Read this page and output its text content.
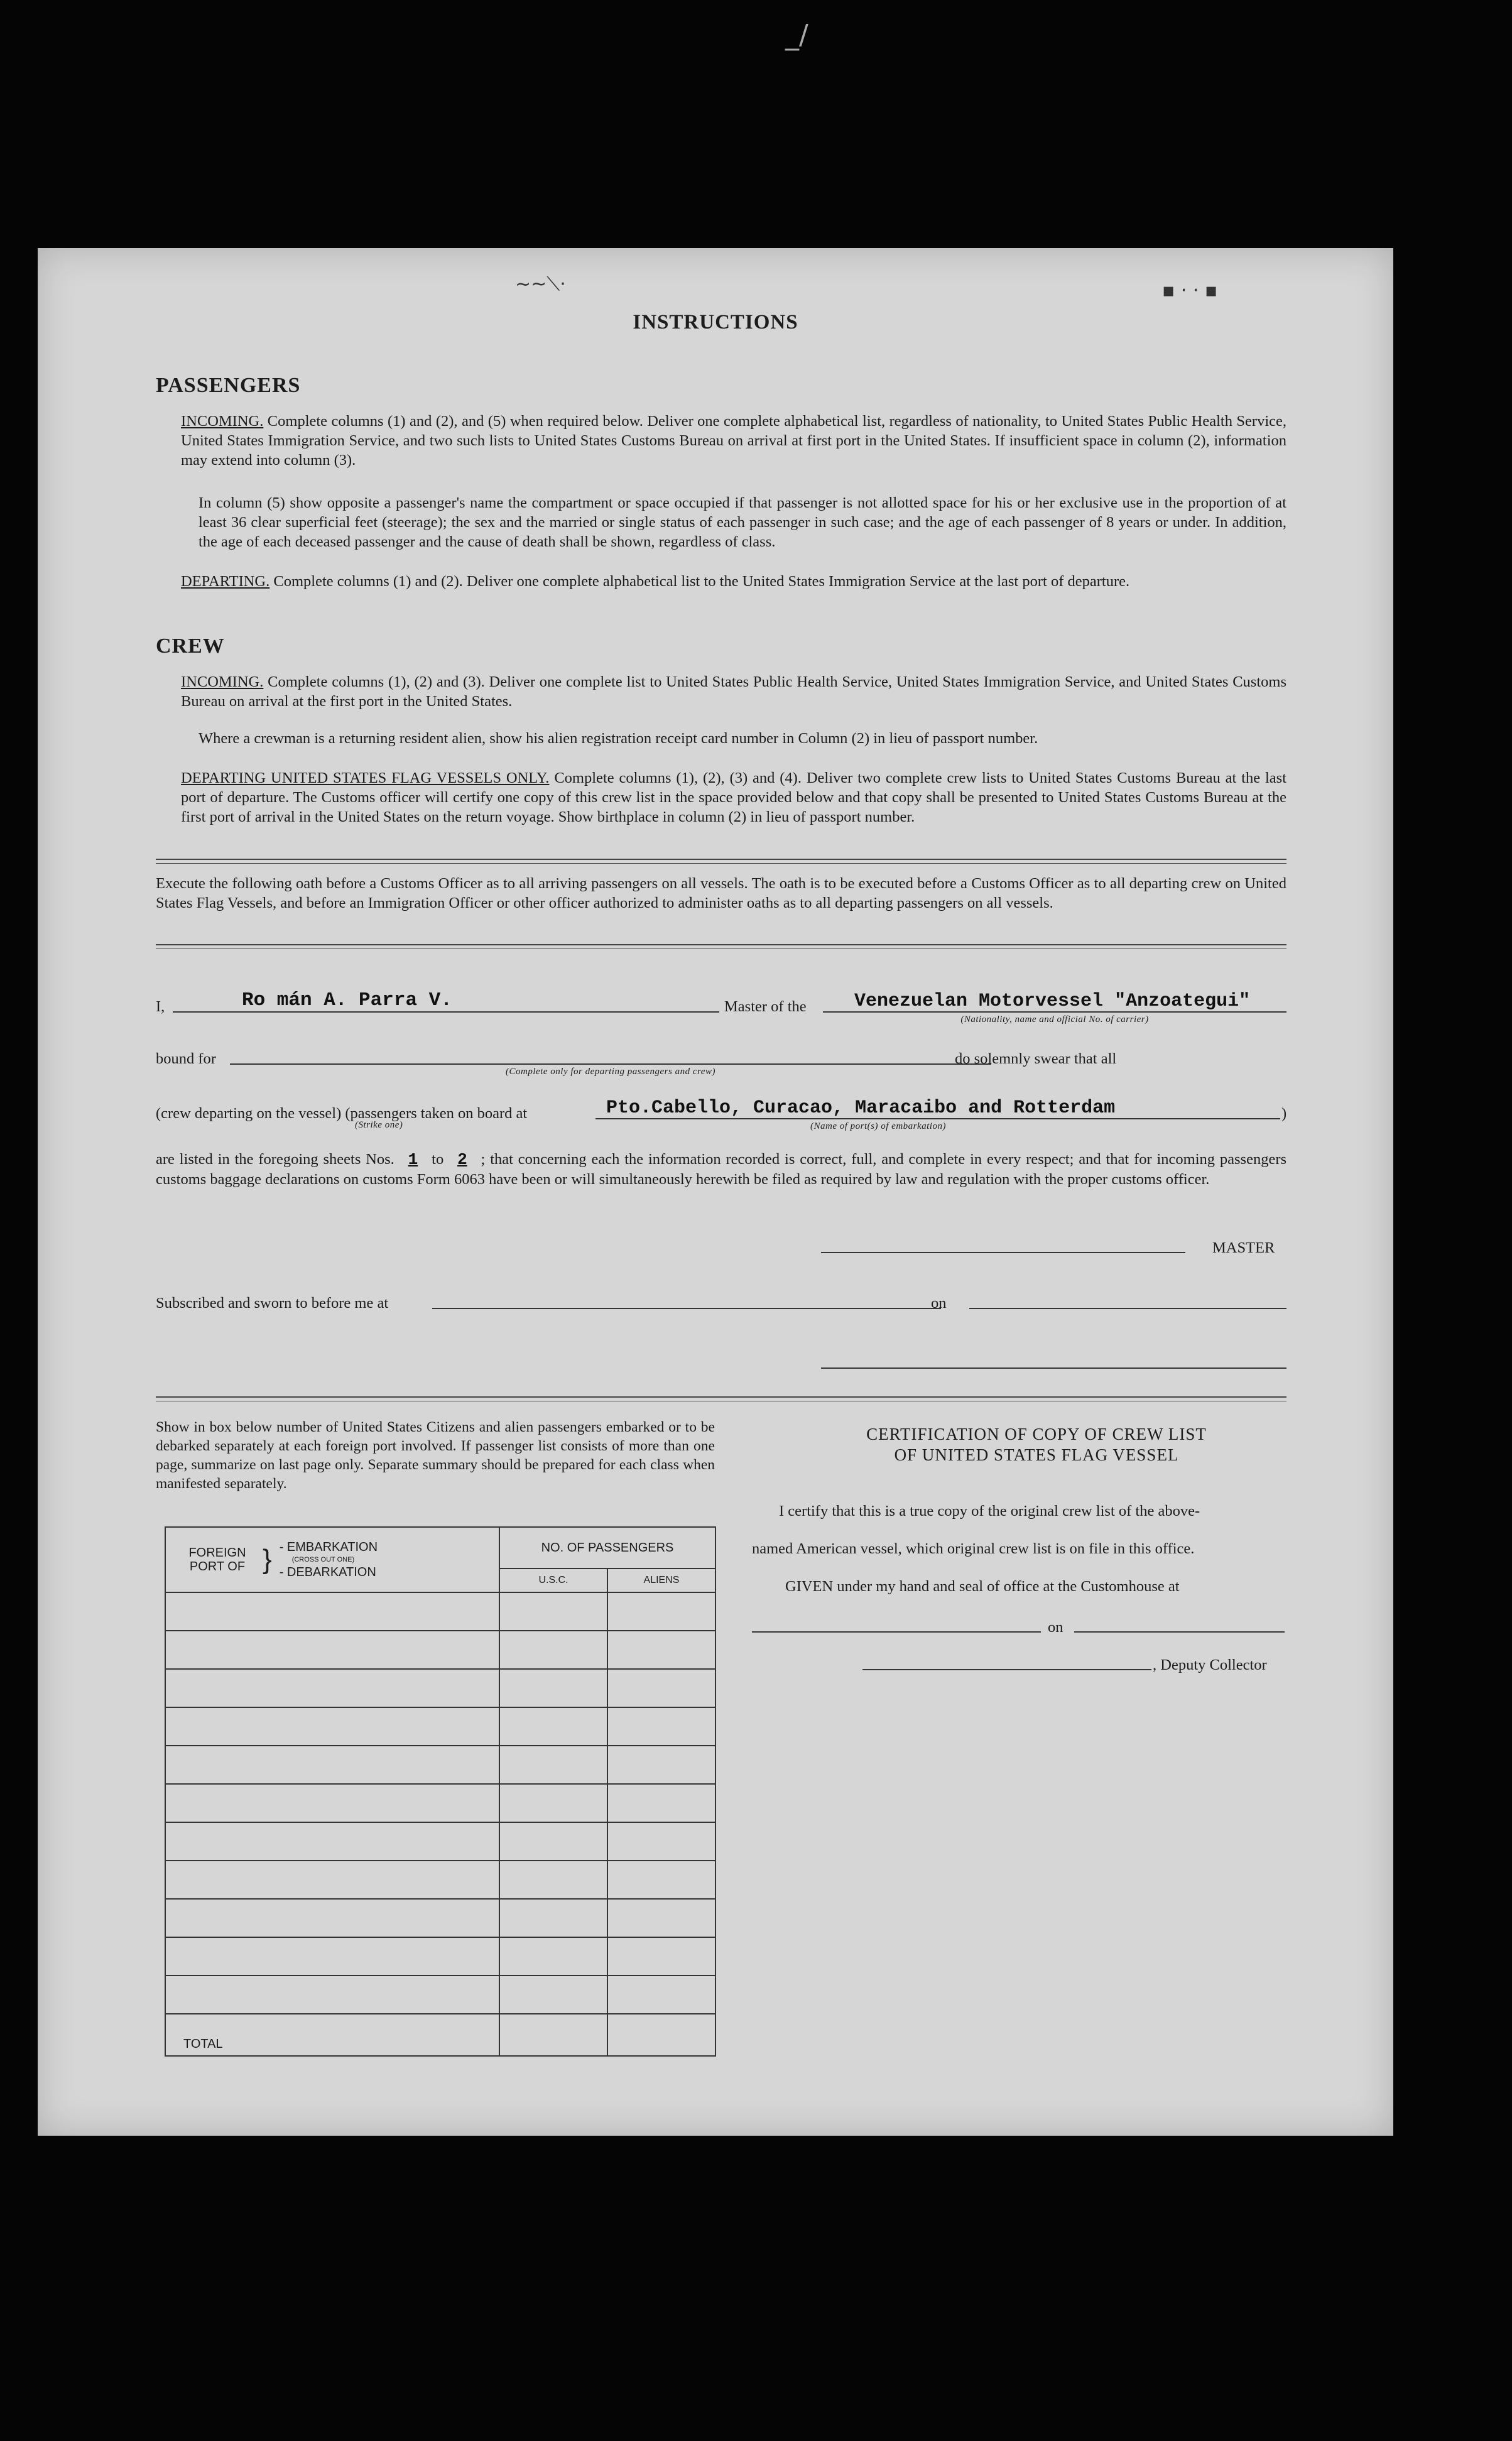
_/
∼~⟍·	▪ · · ▪
INSTRUCTIONS
PASSENGERS
INCOMING. Complete columns (1) and (2), and (5) when required below. Deliver one complete alphabetical list, regardless of nationality, to United States Public Health Service, United States Immigration Service, and two such lists to United States Customs Bureau on arrival at first port in the United States. If insufficient space in column (2), information may extend into column (3).
In column (5) show opposite a passenger's name the compartment or space occupied if that passenger is not allotted space for his or her exclusive use in the proportion of at least 36 clear superficial feet (steerage); the sex and the married or single status of each passenger in such case; and the age of each passenger of 8 years or under. In addition, the age of each deceased passenger and the cause of death shall be shown, regardless of class.
DEPARTING. Complete columns (1) and (2). Deliver one complete alphabetical list to the United States Immigration Service at the last port of departure.
CREW
INCOMING. Complete columns (1), (2) and (3). Deliver one complete list to United States Public Health Service, United States Immigration Service, and United States Customs Bureau on arrival at the first port in the United States.
Where a crewman is a returning resident alien, show his alien registration receipt card number in Column (2) in lieu of passport number.
DEPARTING UNITED STATES FLAG VESSELS ONLY. Complete columns (1), (2), (3) and (4). Deliver two complete crew lists to United States Customs Bureau at the last port of departure. The Customs officer will certify one copy of this crew list in the space provided below and that copy shall be presented to United States Customs Bureau at the first port of arrival in the United States on the return voyage. Show birthplace in column (2) in lieu of passport number.
Execute the following oath before a Customs Officer as to all arriving passengers on all vessels. The oath is to be executed before a Customs Officer as to all departing crew on United States Flag Vessels, and before an Immigration Officer or other officer authorized to administer oaths as to all departing passengers on all vessels.
I,	Ro mán A. Parra V.	Master of the	Venezuelan Motorvessel "Anzoategui"
(Nationality, name and official No. of carrier)
bound for
(Complete only for departing passengers and crew)
do solemnly swear that all
(crew departing on the vessel) (passengers taken on board at
(Strike one)
Pto.Cabello, Curacao, Maracaibo and Rotterdam
(Name of port(s) of embarkation)
)
are listed in the foregoing sheets Nos. 1 to 2 ; that concerning each the information recorded is correct, full, and complete in every respect; and that for incoming passengers customs baggage declarations on customs Form 6063 have been or will simultaneously herewith be filed as required by law and regulation with the proper customs officer.
MASTER
Subscribed and sworn to before me at	on
Show in box below number of United States Citizens and alien passengers embarked or to be debarked separately at each foreign port involved. If passenger list consists of more than one page, summarize on last page only. Separate summary should be prepared for each class when manifested separately.
FOREIGN PORT OF } - EMBARKATION
(CROSS OUT ONE)
- DEBARKATION	NO. OF PASSENGERS	
	U.S.C.	ALIENS

TOTAL		
CERTIFICATION OF COPY OF CREW LIST
OF UNITED STATES FLAG VESSEL
I certify that this is a true copy of the original crew list of the above-
named American vessel, which original crew list is on file in this office.
GIVEN under my hand and seal of office at the Customhouse at
on
, Deputy Collector
